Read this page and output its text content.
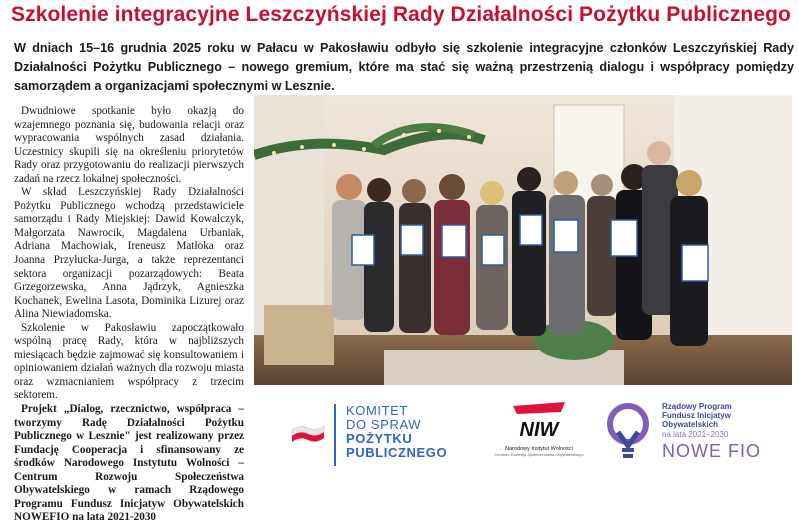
Szkolenie integracyjne Leszczyńskiej Rady Działalności Pożytku Publicznego
W dniach 15–16 grudnia 2025 roku w Pałacu w Pakosławiu odbyło się szkolenie integracyjne członków Leszczyńskiej Rady Działalności Pożytku Publicznego – nowego gremium, które ma stać się ważną przestrzenią dialogu i współpracy pomiędzy samorządem a organizacjami społecznymi w Lesznie.

Dwudniowe spotkanie było okazją do wzajemnego poznania się, budowania relacji oraz wypracowania wspólnych zasad działania. Uczestnicy skupili się na określeniu priorytetów Rady oraz przygotowaniu do realizacji pierwszych zadań na rzecz lokalnej społeczności.

W skład Leszczyńskiej Rady Działalności Pożytku Publicznego wchodzą przedstawiciele samorządu i Rady Miejskiej: Dawid Kowalczyk, Małgorzata Nawrocik, Magdalena Urbaniak, Adriana Machowiak, Ireneusz Matłoka oraz Joanna Przyłucka-Jurga, a także reprezentanci sektora organizacji pozarządowych: Beata Grzegorzewska, Anna Jądrzyk, Agnieszka Kochanek, Ewelina Lasota, Dominika Lizurej oraz Alina Niewiadomska.

Szkolenie w Pakosławiu zapoczątkowało wspólną pracę Rady, która w najbliższych miesiącach będzie zajmować się konsultowaniem i opiniowaniem działań ważnych dla rozwoju miasta oraz wzmacnianiem współpracy z trzecim sektorem.

Projekt „Dialog, rzecznictwo, współpraca – tworzymy Radę Działalności Pożytku Publicznego w Lesznie" jest realizowany przez Fundację Cooperacja i sfinansowany ze środków Narodowego Instytutu Wolności – Centrum Rozwoju Społeczeństwa Obywatelskiego w ramach Rządowego Programu Fundusz Inicjatyw Obywatelskich NOWEFIO na lata 2021-2030

KOMITET
DO SPRAW
POŻYTKU
PUBLICZNEGO
NIW
Narodowy Instytut Wolności
Centrum Rozwoju Społeczeństwa Obywatelskiego
Rządowy Program
Fundusz Inicjatyw
Obywatelskich
na lata 2021–2030
NOWE FIO
